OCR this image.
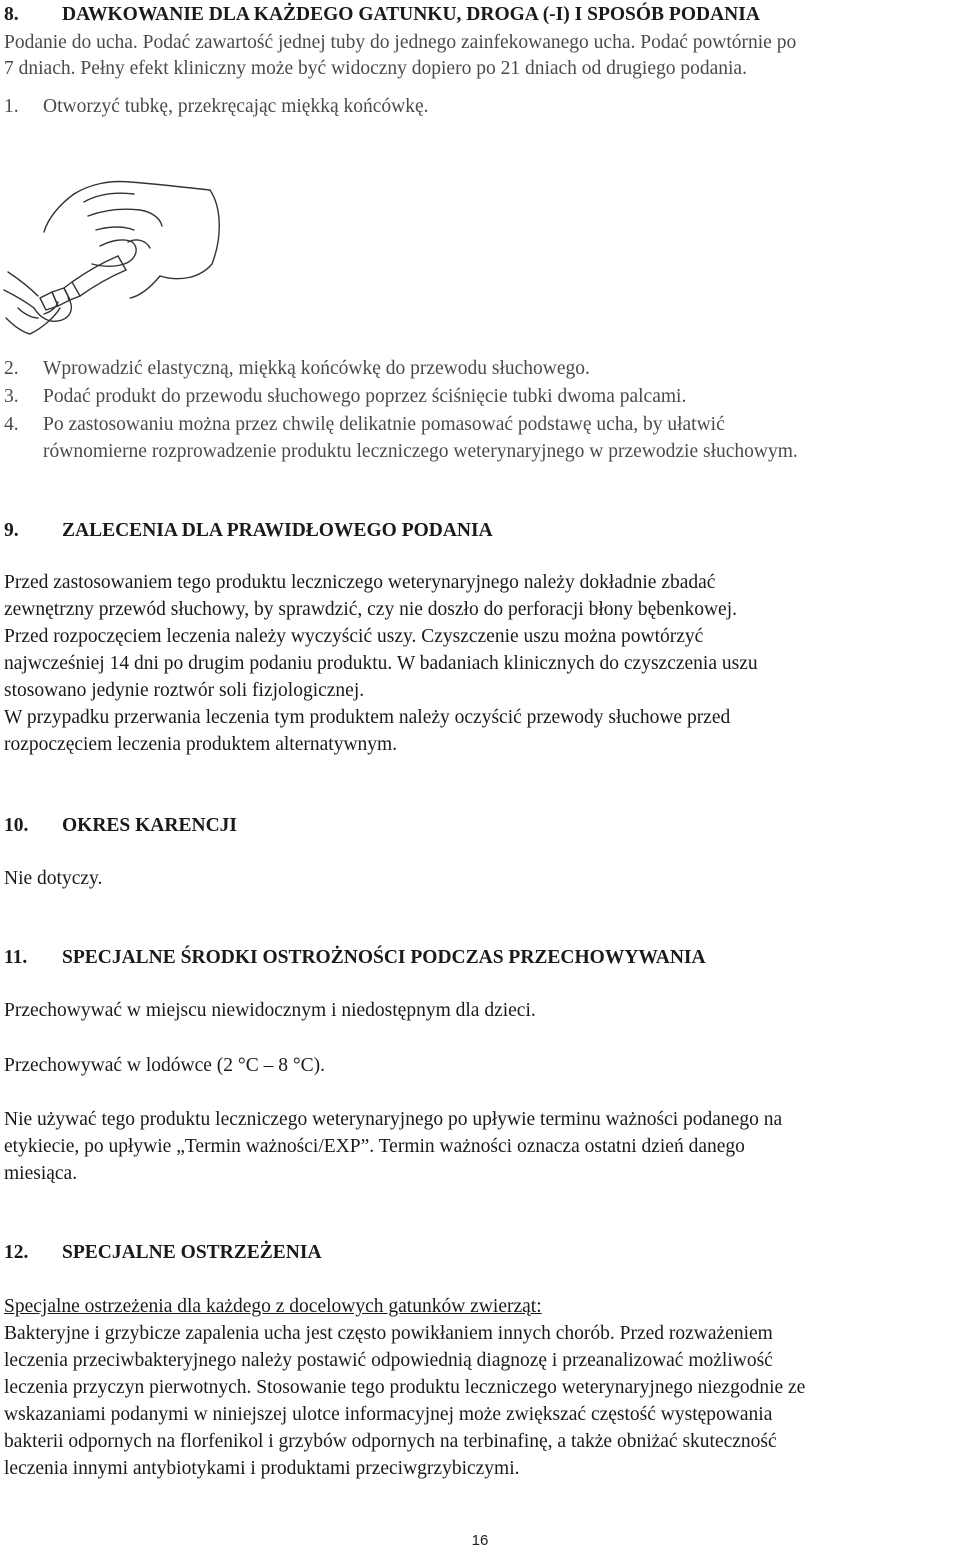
8. DAWKOWANIE DLA KAŻDEGO GATUNKU, DROGA (-I) I SPOSÓB PODANIA
Podanie do ucha. Podać zawartość jednej tuby do jednego zainfekowanego ucha. Podać powtórnie po
7 dniach. Pełny efekt kliniczny może być widoczny dopiero po 21 dniach od drugiego podania.
1. Otworzyć tubkę, przekręcając miękką końcówkę.
2. Wprowadzić elastyczną, miękką końcówkę do przewodu słuchowego.
3. Podać produkt do przewodu słuchowego poprzez ściśnięcie tubki dwoma palcami.
4. Po zastosowaniu można przez chwilę delikatnie pomasować podstawę ucha, by ułatwić
równomierne rozprowadzenie produktu leczniczego weterynaryjnego w przewodzie słuchowym.
9. ZALECENIA DLA PRAWIDŁOWEGO PODANIA
Przed zastosowaniem tego produktu leczniczego weterynaryjnego należy dokładnie zbadać
zewnętrzny przewód słuchowy, by sprawdzić, czy nie doszło do perforacji błony bębenkowej.
Przed rozpoczęciem leczenia należy wyczyścić uszy. Czyszczenie uszu można powtórzyć
najwcześniej 14 dni po drugim podaniu produktu. W badaniach klinicznych do czyszczenia uszu
stosowano jedynie roztwór soli fizjologicznej.
W przypadku przerwania leczenia tym produktem należy oczyścić przewody słuchowe przed
rozpoczęciem leczenia produktem alternatywnym.
10. OKRES KARENCJI
Nie dotyczy.
11. SPECJALNE ŚRODKI OSTROŻNOŚCI PODCZAS PRZECHOWYWANIA
Przechowywać w miejscu niewidocznym i niedostępnym dla dzieci.
Przechowywać w lodówce (2 °C – 8 °C).
Nie używać tego produktu leczniczego weterynaryjnego po upływie terminu ważności podanego na
etykiecie, po upływie „Termin ważności/EXP”. Termin ważności oznacza ostatni dzień danego
miesiąca.
12. SPECJALNE OSTRZEŻENIA
Specjalne ostrzeżenia dla każdego z docelowych gatunków zwierząt:
Bakteryjne i grzybicze zapalenia ucha jest często powikłaniem innych chorób. Przed rozważeniem
leczenia przeciwbakteryjnego należy postawić odpowiednią diagnozę i przeanalizować możliwość
leczenia przyczyn pierwotnych. Stosowanie tego produktu leczniczego weterynaryjnego niezgodnie ze
wskazaniami podanymi w niniejszej ulotce informacyjnej może zwiększać częstość występowania
bakterii odpornych na florfenikol i grzybów odpornych na terbinafinę, a także obniżać skuteczność
leczenia innymi antybiotykami i produktami przeciwgrzybiczymi.
16
